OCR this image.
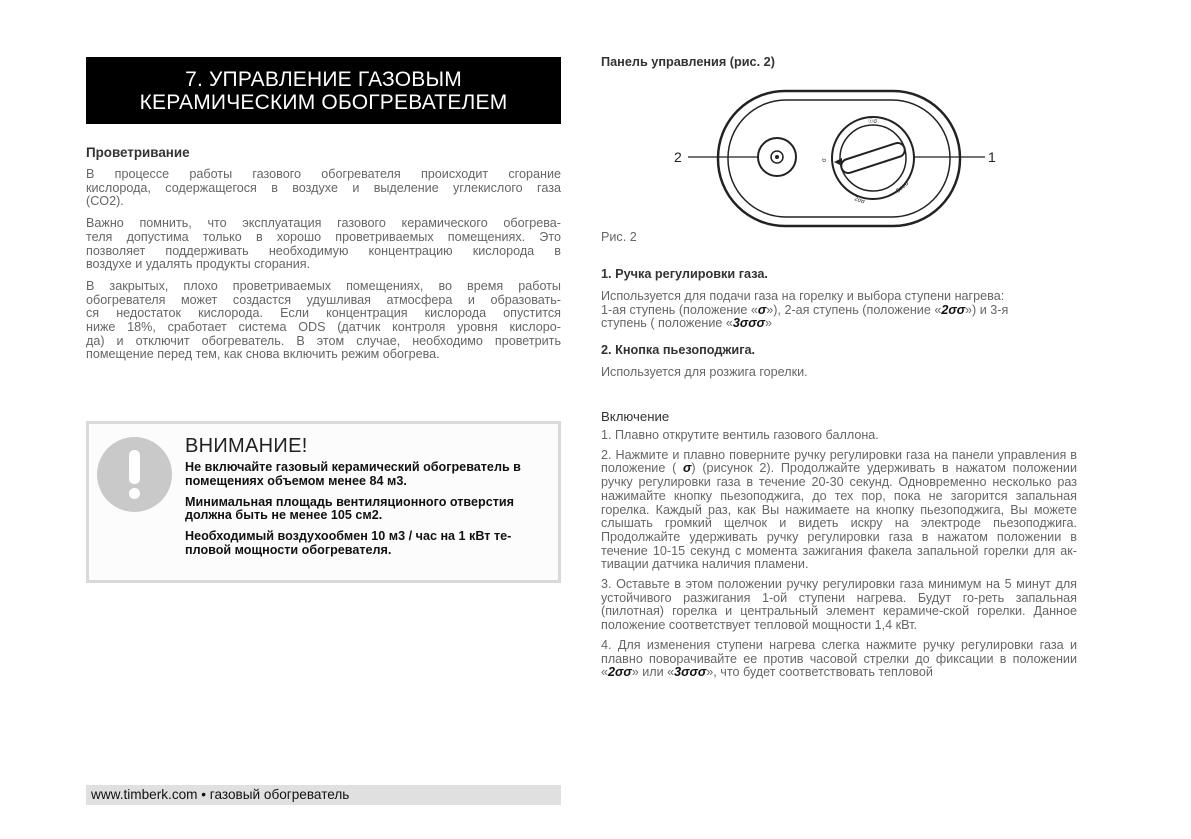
7. УПРАВЛЕНИЕ ГАЗОВЫМ
КЕРАМИЧЕСКИМ ОБОГРЕВАТЕЛЕМ
Проветривание

В процессе работы газового обогревателя происходит сгорание
кислорода, содержащегося в воздухе и выделение углекислого газа
(CO2).

Важно помнить, что эксплуатация газового керамического обогрева-
теля допустима только в хорошо проветриваемых помещениях. Это
позволяет поддерживать необходимую концентрацию кислорода в
воздухе и удалять продукты сгорания.

В закрытых, плохо проветриваемых помещениях, во время работы
обогревателя может создастся удушливая атмосфера и образовать-
ся недостаток кислорода. Если концентрация кислорода опустится
ниже 18%, сработает система ODS (датчик контроля уровня кислоро-
да) и отключит обогреватель. В этом случае, необходимо проветрить
помещение перед тем, как снова включить режим обогрева.

ВНИМАНИЕ!

Не включайте газовый керамический обогреватель в помещениях объемом менее 84 м3.

Минимальная площадь вентиляционного отверстия должна быть не менее 105 см2.

Необходимый воздухообмен 10 м3 / час на 1 кВт те-пловой мощности обогревателя.

www.timberk.com • газовый обогреватель
Панель управления (рис. 2)
2
☉σ
3σσσ
2σσ
σ	1
Рис. 2
1. Ручка регулировки газа.
Используется для подачи газа на горелку и выбора ступени нагрева:
1-ая ступень (положение «σ»), 2-ая ступень (положение «2σσ») и 3-я
ступень ( положение «3σσσ»
2. Кнопка пьезоподжига.
Используется для розжига горелки.
Включение

1. Плавно открутите вентиль газового баллона.

2. Нажмите и плавно поверните ручку регулировки газа на панели управления в положение ( σ) (рисунок 2). Продолжайте удерживать в нажатом положении ручку регулировки газа в течение 20-30 секунд. Одновременно несколько раз нажимайте кнопку пьезоподжига, до тех пор, пока не загорится запальная горелка. Каждый раз, как Вы нажимаете на кнопку пьезоподжига, Вы можете слышать громкий щелчок и видеть искру на электроде пьезоподжига. Продолжайте удерживать ручку регулировки газа в нажатом положении в течение 10-15 секунд с момента зажигания факела запальной горелки для ак-тивации датчика наличия пламени.

3. Оставьте в этом положении ручку регулировки газа минимум на 5 минут для устойчивого разжигания 1-ой ступени нагрева. Будут го-реть запальная (пилотная) горелка и центральный элемент керамиче-ской горелки. Данное положение соответствует тепловой мощности 1,4 кВт.

4. Для изменения ступени нагрева слегка нажмите ручку регулировки газа и плавно поворачивайте ее против часовой стрелки до фиксации в положении «2σσ» или «3σσσ», что будет соответствовать тепловой
